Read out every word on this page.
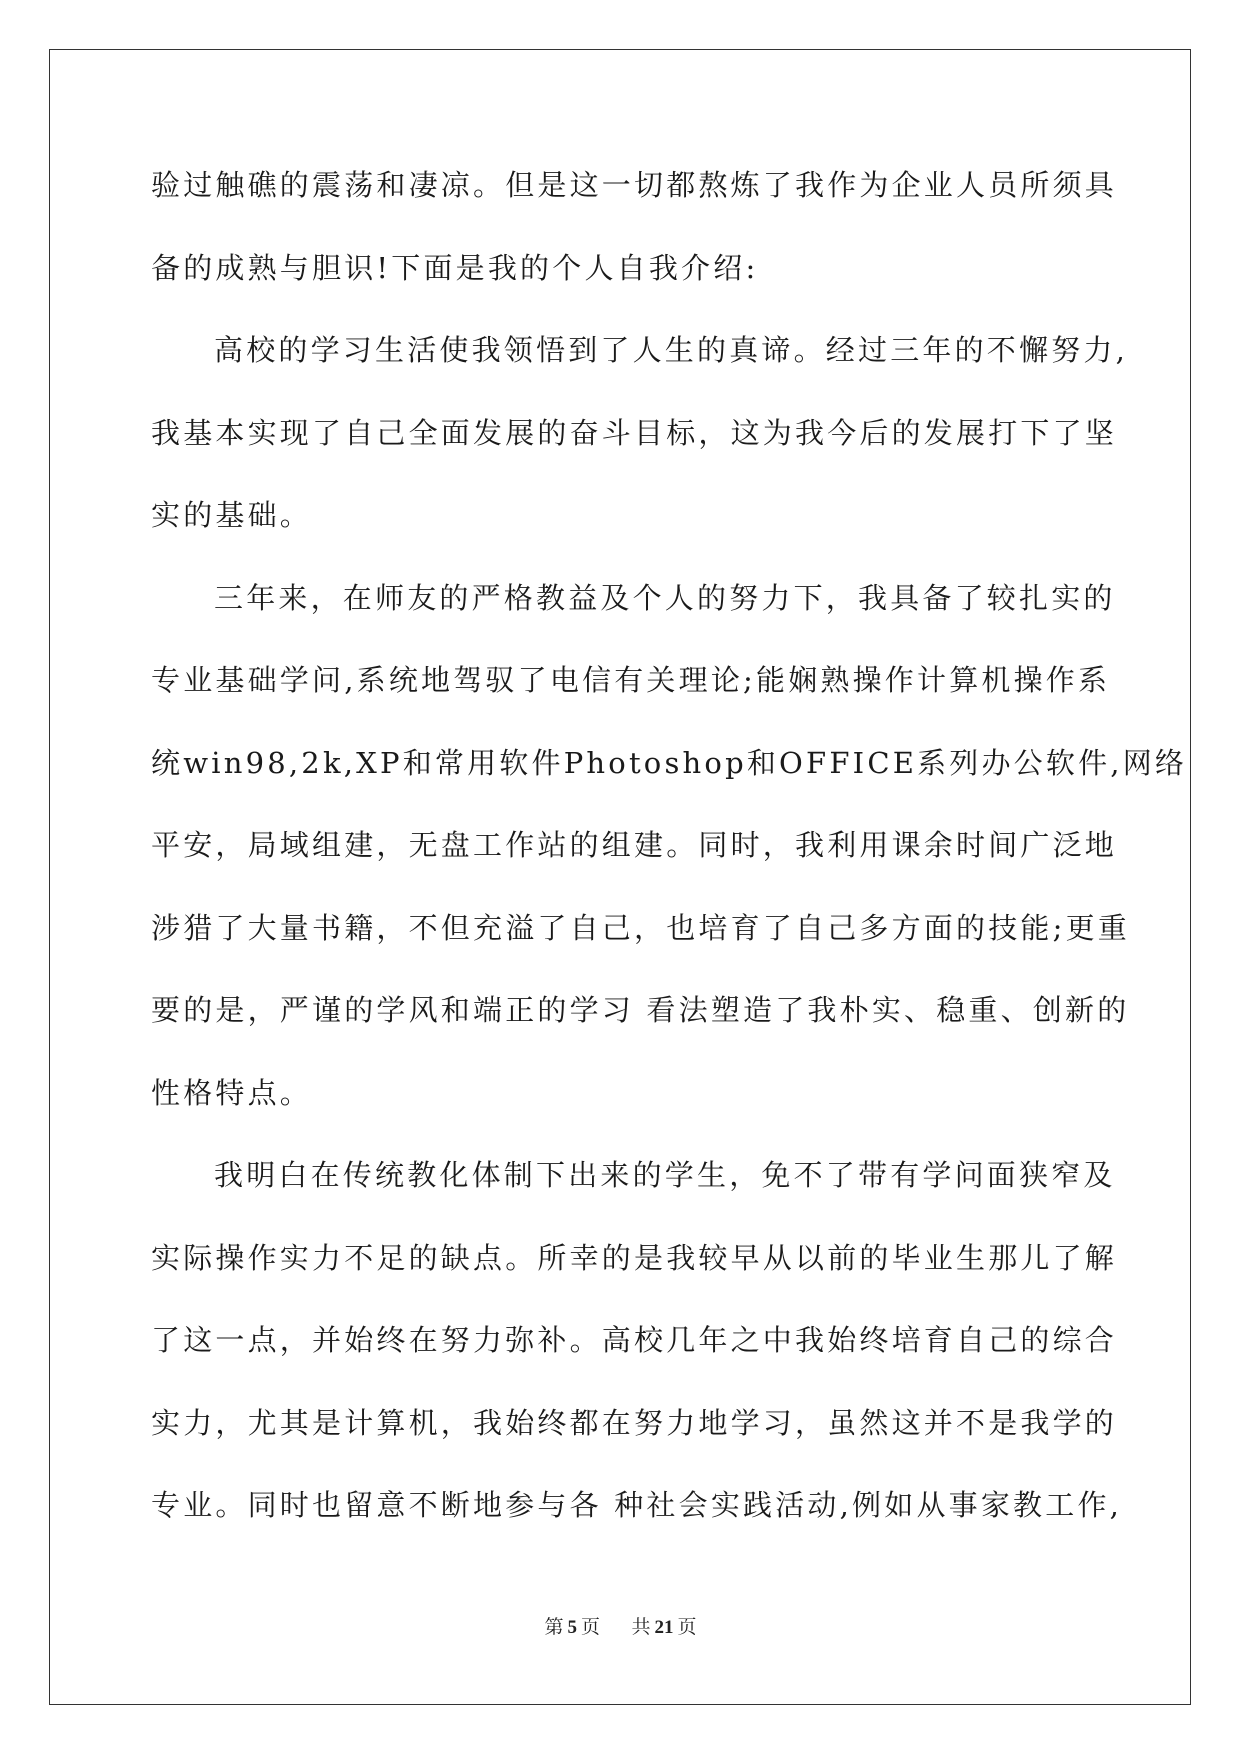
验过触礁的震荡和凄凉。但是这一切都熬炼了我作为企业人员所须具
备的成熟与胆识!下面是我的个人自我介绍:
高校的学习生活使我领悟到了人生的真谛。经过三年的不懈努力,
我基本实现了自己全面发展的奋斗目标，这为我今后的发展打下了坚
实的基础。
三年来，在师友的严格教益及个人的努力下，我具备了较扎实的
专业基础学问,系统地驾驭了电信有关理论;能娴熟操作计算机操作系
统win98,2k,XP和常用软件Photoshop和OFFICE系列办公软件,网络
平安，局域组建，无盘工作站的组建。同时，我利用课余时间广泛地
涉猎了大量书籍，不但充溢了自己，也培育了自己多方面的技能;更重
要的是，严谨的学风和端正的学习 看法塑造了我朴实、稳重、创新的
性格特点。
我明白在传统教化体制下出来的学生，免不了带有学问面狭窄及
实际操作实力不足的缺点。所幸的是我较早从以前的毕业生那儿了解
了这一点，并始终在努力弥补。高校几年之中我始终培育自己的综合
实力，尤其是计算机，我始终都在努力地学习，虽然这并不是我学的
专业。同时也留意不断地参与各 种社会实践活动,例如从事家教工作,
第 5 页 共 21 页
